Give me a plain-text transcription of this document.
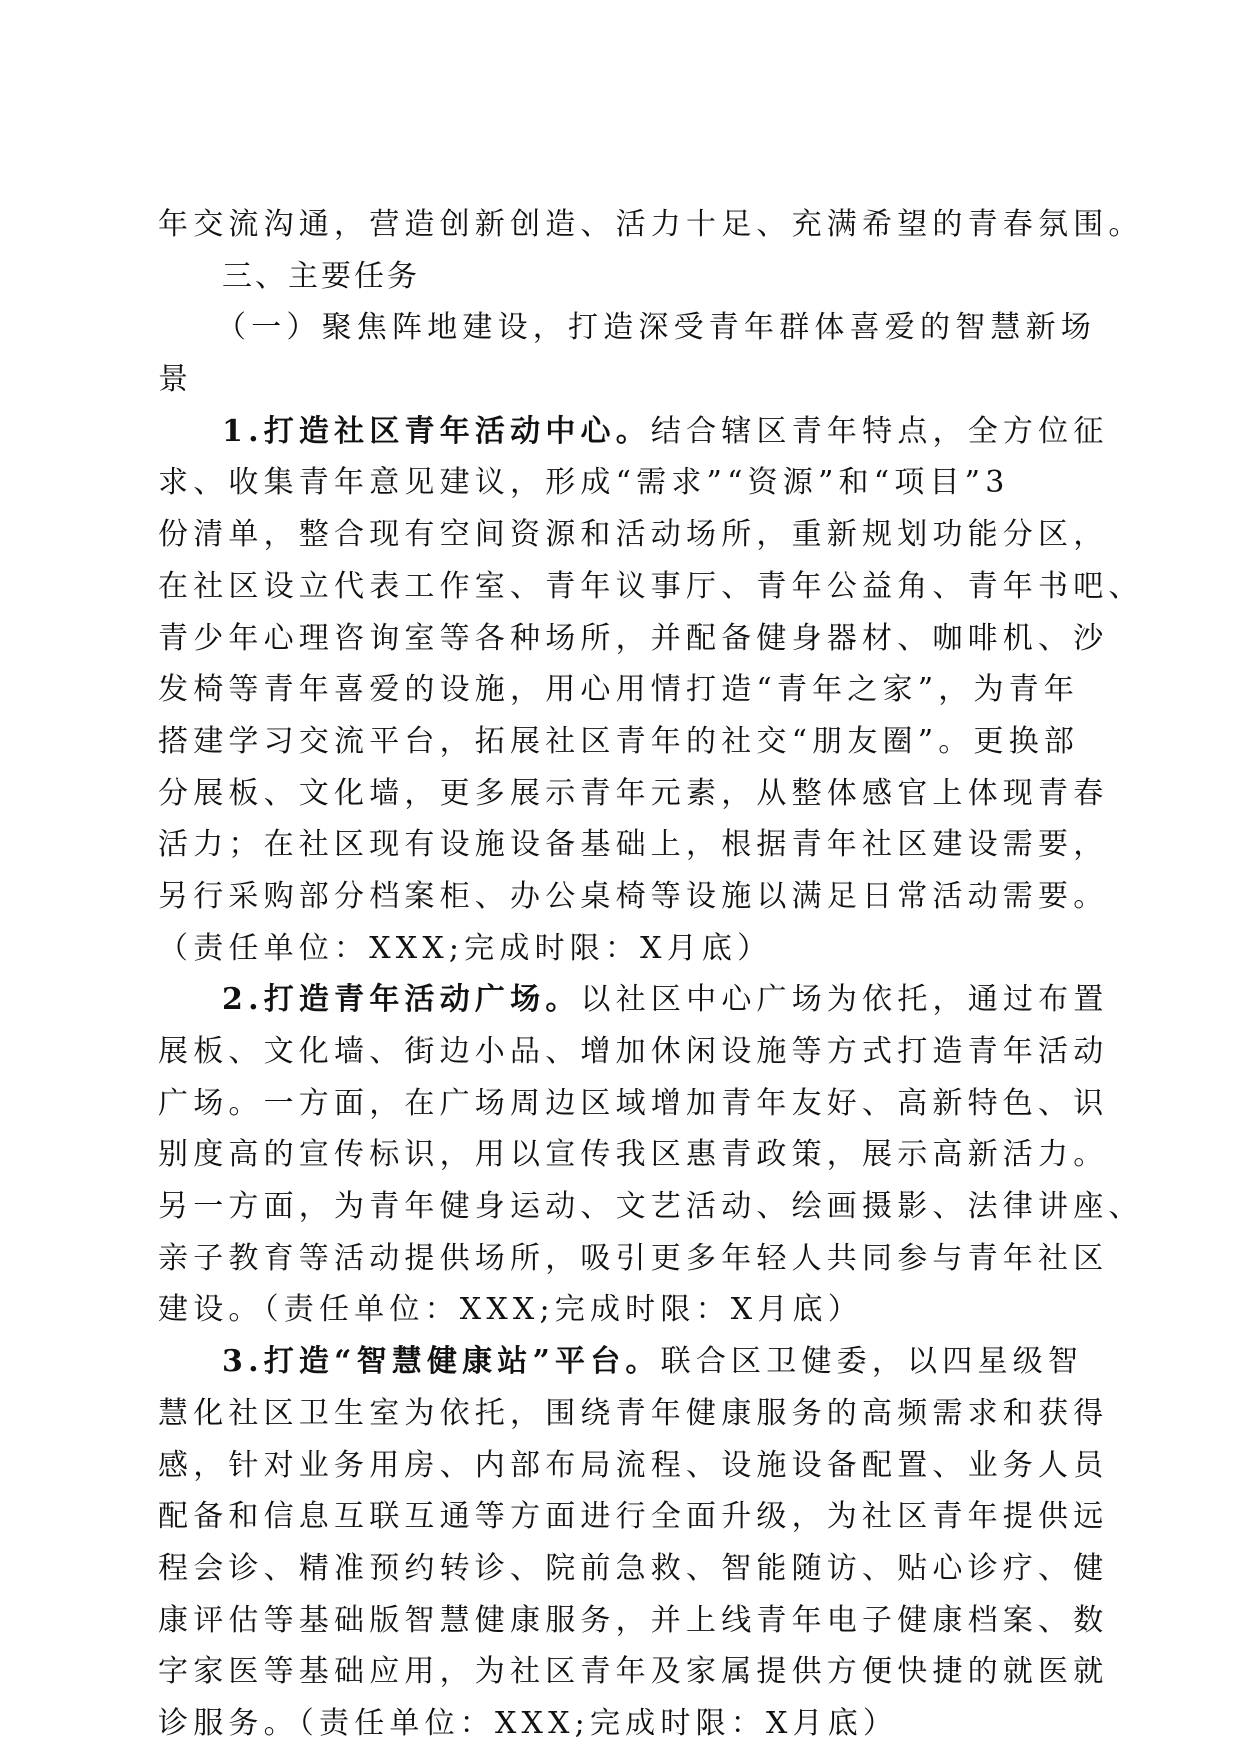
年交流沟通，营造创新创造、活力十足、充满希望的青春氛围。
三、主要任务
（一）聚焦阵地建设，打造深受青年群体喜爱的智慧新场
景
1.打造社区青年活动中心。结合辖区青年特点，全方位征
求、收集青年意见建议，形成“需求”“资源”和“项目”3
份清单，整合现有空间资源和活动场所，重新规划功能分区，
在社区设立代表工作室、青年议事厅、青年公益角、青年书吧、
青少年心理咨询室等各种场所，并配备健身器材、咖啡机、沙
发椅等青年喜爱的设施，用心用情打造“青年之家”，为青年
搭建学习交流平台，拓展社区青年的社交“朋友圈”。更换部
分展板、文化墙，更多展示青年元素，从整体感官上体现青春
活力；在社区现有设施设备基础上，根据青年社区建设需要，
另行采购部分档案柜、办公桌椅等设施以满足日常活动需要。
（责任单位：XXX;完成时限：X月底）
2.打造青年活动广场。以社区中心广场为依托，通过布置
展板、文化墙、街边小品、增加休闲设施等方式打造青年活动
广场。一方面，在广场周边区域增加青年友好、高新特色、识
别度高的宣传标识，用以宣传我区惠青政策，展示高新活力。
另一方面，为青年健身运动、文艺活动、绘画摄影、法律讲座、
亲子教育等活动提供场所，吸引更多年轻人共同参与青年社区
建设。（责任单位：XXX;完成时限：X月底）
3.打造“智慧健康站”平台。联合区卫健委，以四星级智
慧化社区卫生室为依托，围绕青年健康服务的高频需求和获得
感，针对业务用房、内部布局流程、设施设备配置、业务人员
配备和信息互联互通等方面进行全面升级，为社区青年提供远
程会诊、精准预约转诊、院前急救、智能随访、贴心诊疗、健
康评估等基础版智慧健康服务，并上线青年电子健康档案、数
字家医等基础应用，为社区青年及家属提供方便快捷的就医就
诊服务。（责任单位：XXX;完成时限：X月底）
